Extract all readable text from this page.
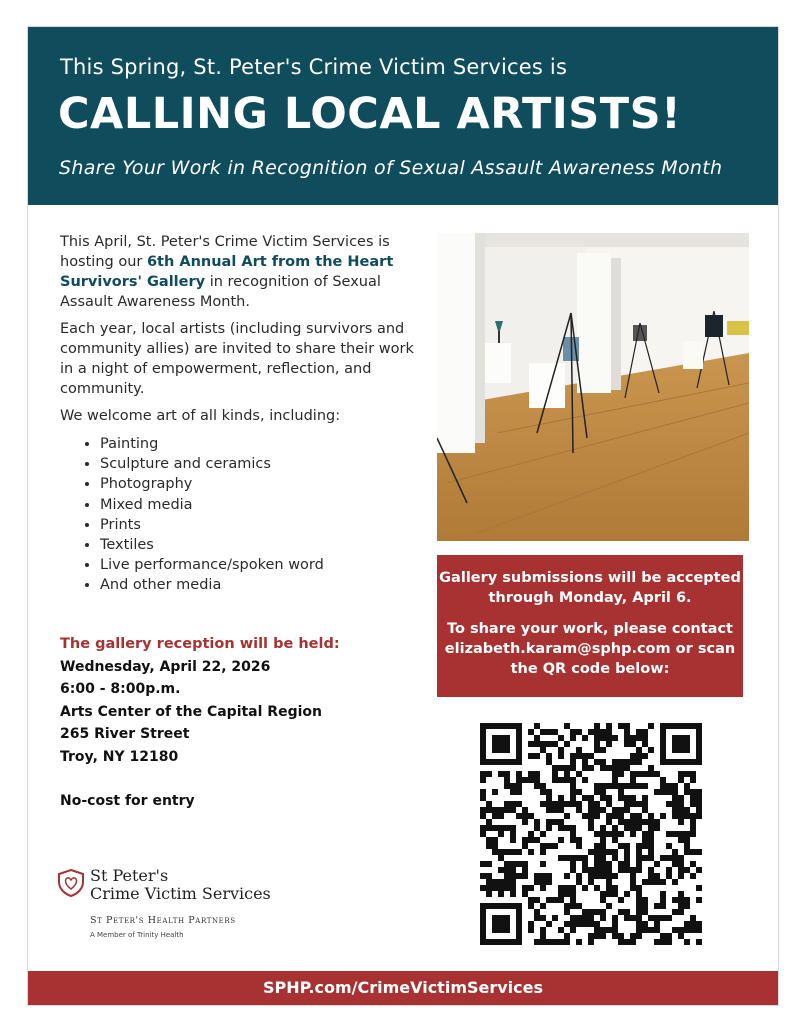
This Spring, St. Peter's Crime Victim Services is
CALLING LOCAL ARTISTS!
Share Your Work in Recognition of Sexual Assault Awareness Month

This April, St. Peter's Crime Victim Services is hosting our 6th Annual Art from the Heart Survivors' Gallery in recognition of Sexual Assault Awareness Month.

Each year, local artists (including survivors and community allies) are invited to share their work in a night of empowerment, reflection, and community.

We welcome art of all kinds, including:

• Painting
• Sculpture and ceramics
• Photography
• Mixed media
• Prints
• Textiles
• Live performance/spoken word
• And other media
The gallery reception will be held:
Wednesday, April 22, 2026
6:00 - 8:00p.m.
Arts Center of the Capital Region
265 River Street
Troy, NY 12180
No-cost for entry

Gallery submissions will be accepted through Monday, April 6.

To share your work, please contact elizabeth.karam@sphp.com or scan the QR code below:

St Peter's
Crime Victim Services
St Peter's Health Partners
A Member of Trinity Health
SPHP.com/CrimeVictimServices
